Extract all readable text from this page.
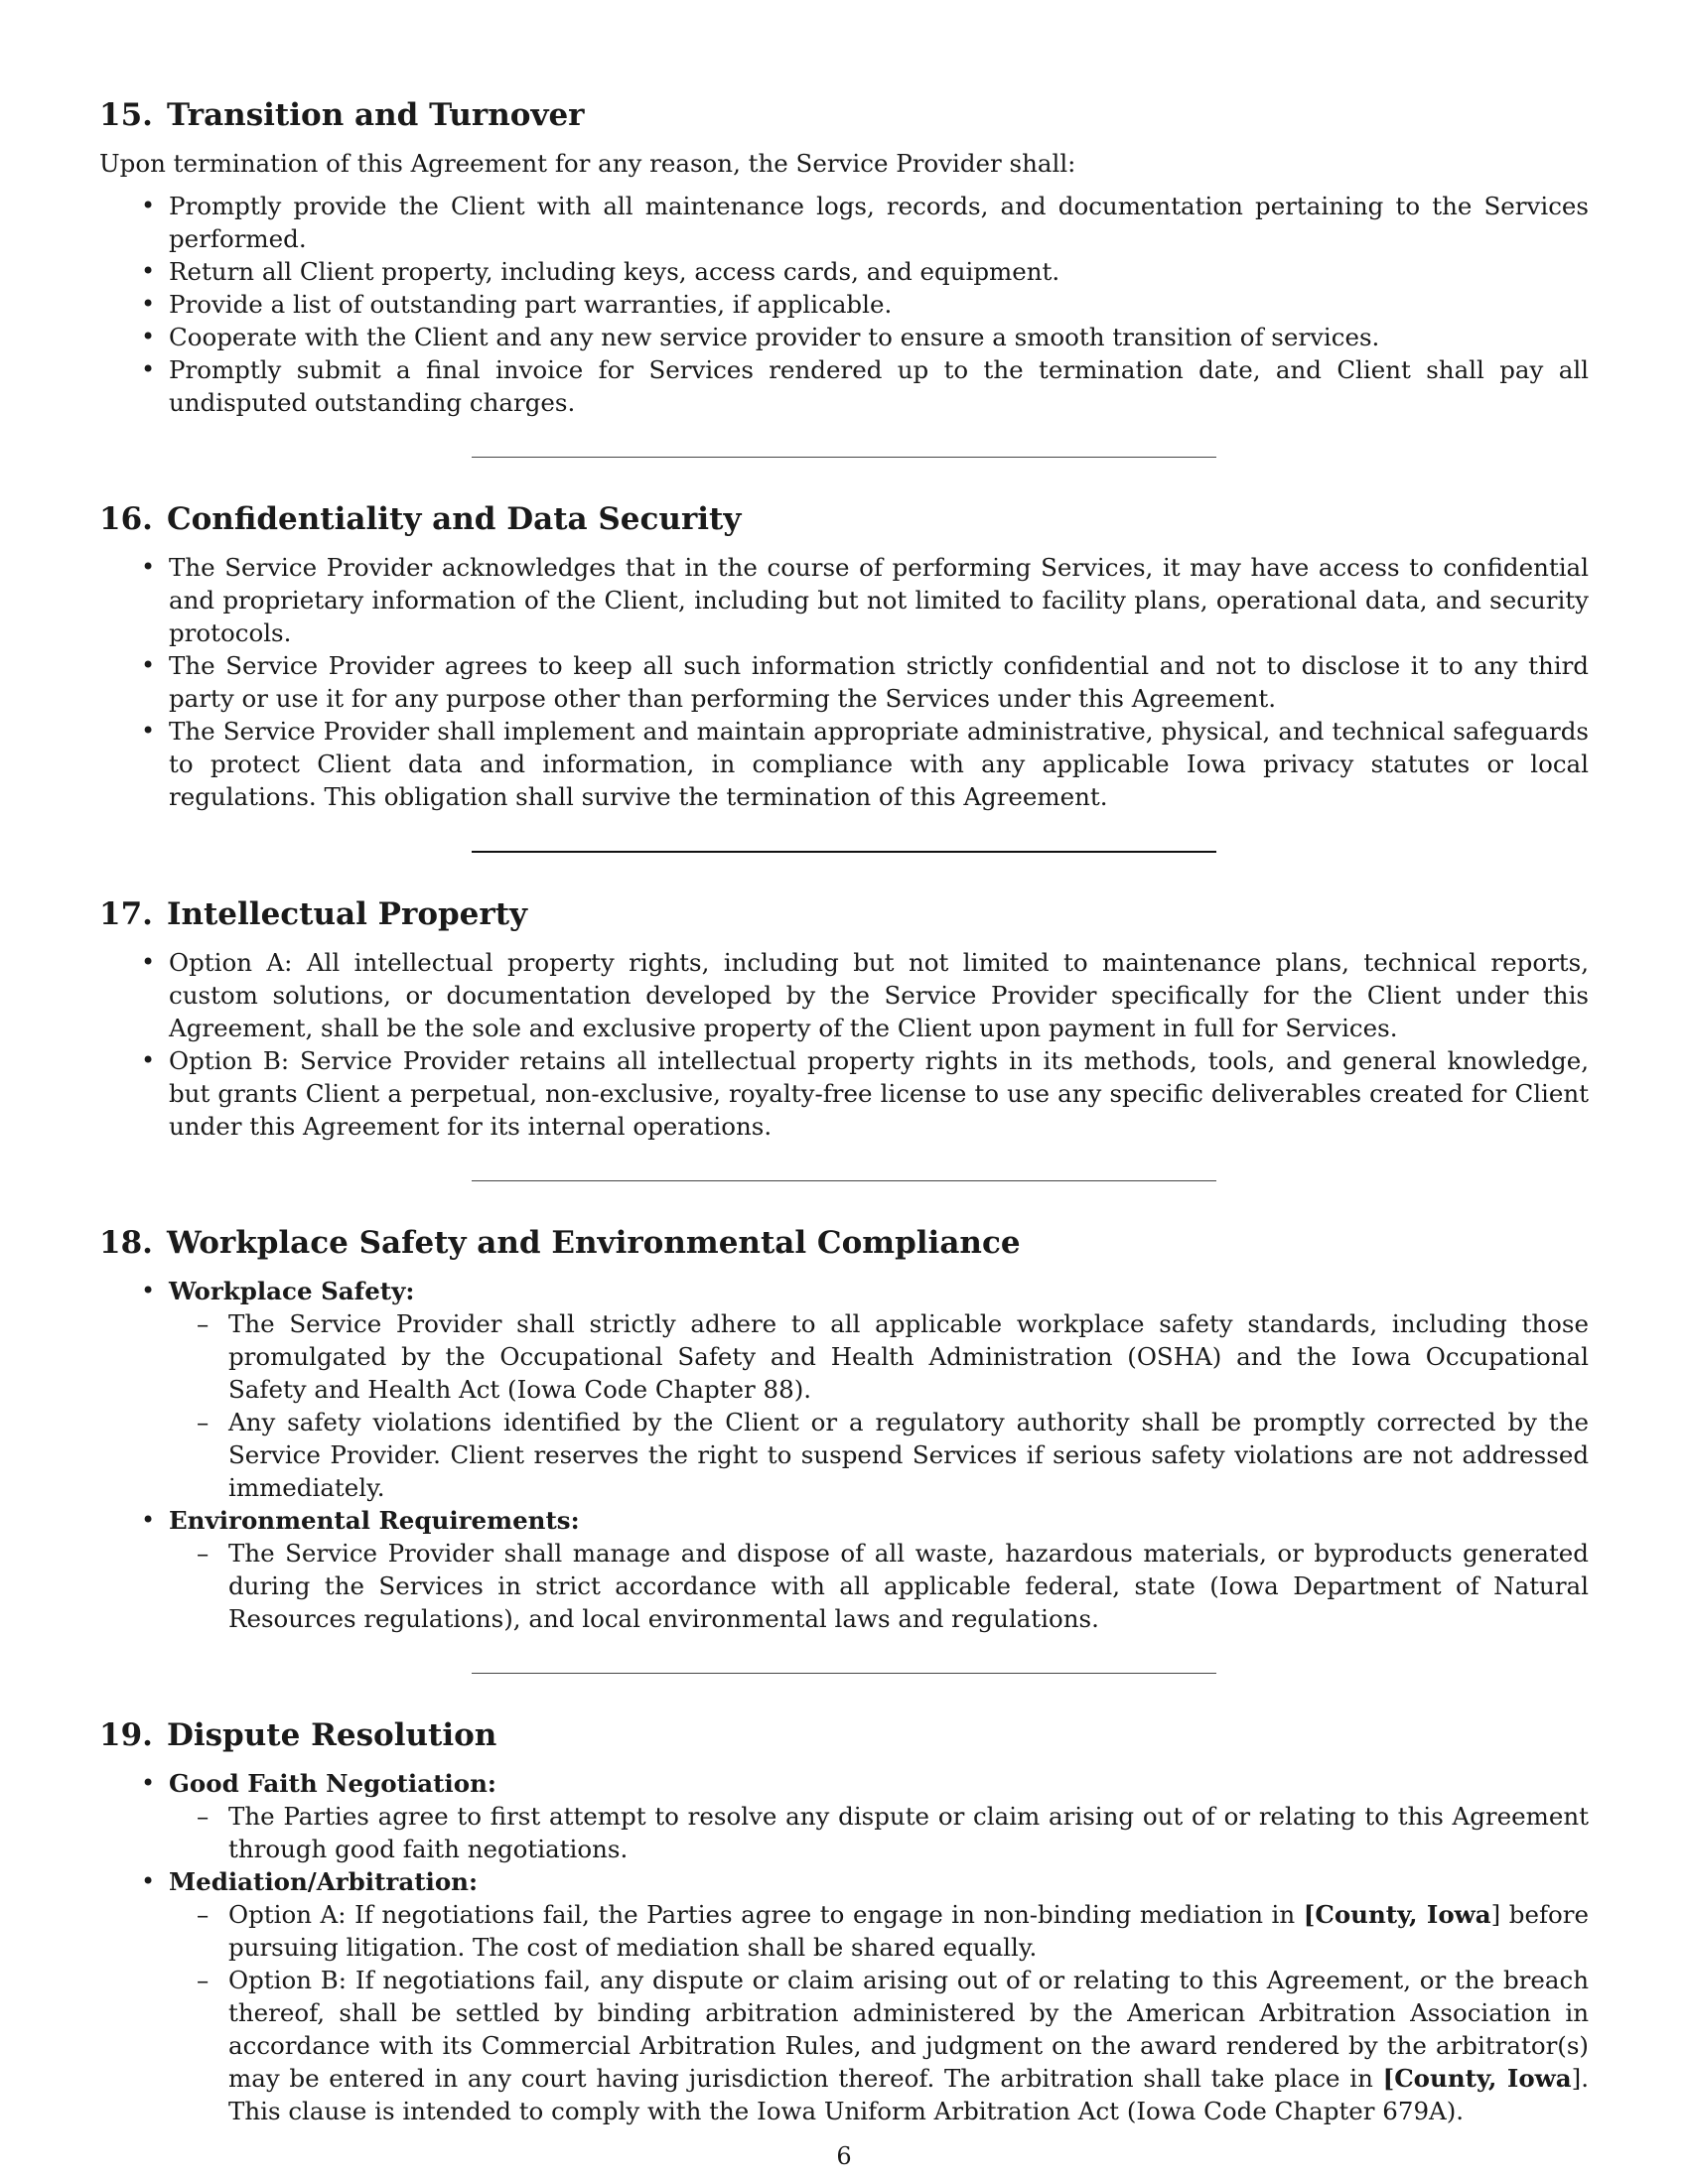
15. Transition and Turnover

Upon termination of this Agreement for any reason, the Service Provider shall:

• Promptly provide the Client with all maintenance logs, records, and documentation pertaining to the Services performed.
• Return all Client property, including keys, access cards, and equipment.
• Provide a list of outstanding part warranties, if applicable.
• Cooperate with the Client and any new service provider to ensure a smooth transition of services.
• Promptly submit a final invoice for Services rendered up to the termination date, and Client shall pay all undisputed outstanding charges.
16. Confidentiality and Data Security
• The Service Provider acknowledges that in the course of performing Services, it may have access to confidential and proprietary information of the Client, including but not limited to facility plans, operational data, and security protocols.
• The Service Provider agrees to keep all such information strictly confidential and not to disclose it to any third party or use it for any purpose other than performing the Services under this Agreement.
• The Service Provider shall implement and maintain appropriate administrative, physical, and technical safeguards to protect Client data and information, in compliance with any applicable Iowa privacy statutes or local regulations. This obligation shall survive the termination of this Agreement.
17. Intellectual Property
• Option A: All intellectual property rights, including but not limited to maintenance plans, technical reports, custom solutions, or documentation developed by the Service Provider specifically for the Client under this Agreement, shall be the sole and exclusive property of the Client upon payment in full for Services.
• Option B: Service Provider retains all intellectual property rights in its methods, tools, and general knowledge, but grants Client a perpetual, non-exclusive, royalty-free license to use any specific deliverables created for Client under this Agreement for its internal operations.
18. Workplace Safety and Environmental Compliance
• Workplace Safety:
– The Service Provider shall strictly adhere to all applicable workplace safety standards, including those promulgated by the Occupational Safety and Health Administration (OSHA) and the Iowa Occupational Safety and Health Act (Iowa Code Chapter 88).
– Any safety violations identified by the Client or a regulatory authority shall be promptly corrected by the Service Provider. Client reserves the right to suspend Services if serious safety violations are not addressed immediately.
• Environmental Requirements:
– The Service Provider shall manage and dispose of all waste, hazardous materials, or byproducts generated during the Services in strict accordance with all applicable federal, state (Iowa Department of Natural Resources regulations), and local environmental laws and regulations.
19. Dispute Resolution
• Good Faith Negotiation:
– The Parties agree to first attempt to resolve any dispute or claim arising out of or relating to this Agreement through good faith negotiations.
• Mediation/Arbitration:
– Option A: If negotiations fail, the Parties agree to engage in non-binding mediation in [County, Iowa] before pursuing litigation. The cost of mediation shall be shared equally.
– Option B: If negotiations fail, any dispute or claim arising out of or relating to this Agreement, or the breach thereof, shall be settled by binding arbitration administered by the American Arbitration Association in accordance with its Commercial Arbitration Rules, and judgment on the award rendered by the arbitrator(s) may be entered in any court having jurisdiction thereof. The arbitration shall take place in [County, Iowa]. This clause is intended to comply with the Iowa Uniform Arbitration Act (Iowa Code Chapter 679A).
6
